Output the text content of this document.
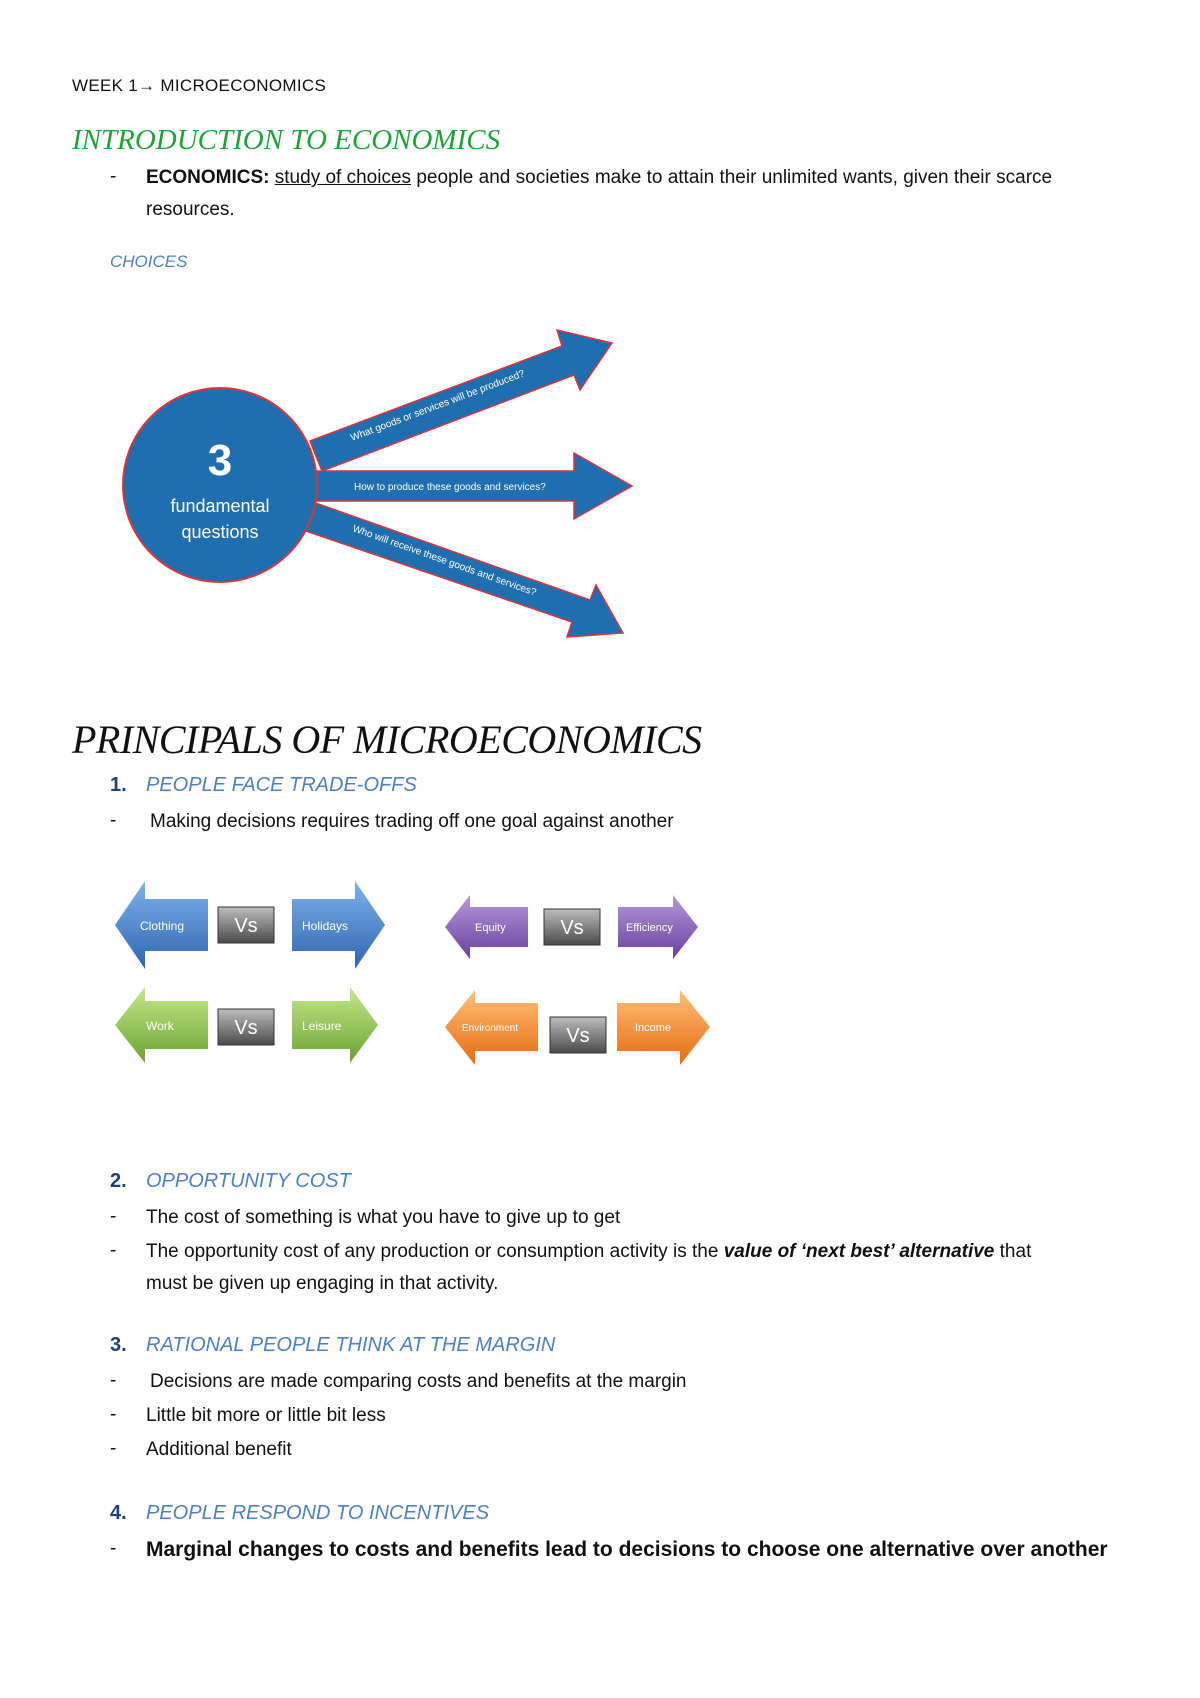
WEEK 1→ MICROECONOMICS
INTRODUCTION TO ECONOMICS
- ECONOMICS: study of choices people and societies make to attain their unlimited wants, given their scarce
resources.
CHOICES
3
fundamental
questions
What goods or services will be produced?
How to produce these goods and services?
Who will receive these goods and services?
PRINCIPALS OF MICROECONOMICS
1. PEOPLE FACE TRADE-OFFS
- Making decisions requires trading off one goal against another
Clothing	Vs	Holidays
Work	Vs	Leisure
Equity	Vs	Efficiency
Environment Vs	Income
2. OPPORTUNITY COST
- The cost of something is what you have to give up to get
- The opportunity cost of any production or consumption activity is the value of ‘next best’ alternative that
must be given up engaging in that activity.
3. RATIONAL PEOPLE THINK AT THE MARGIN
- Decisions are made comparing costs and benefits at the margin
- Little bit more or little bit less
- Additional benefit
4. PEOPLE RESPOND TO INCENTIVES
- Marginal changes to costs and benefits lead to decisions to choose one alternative over another
